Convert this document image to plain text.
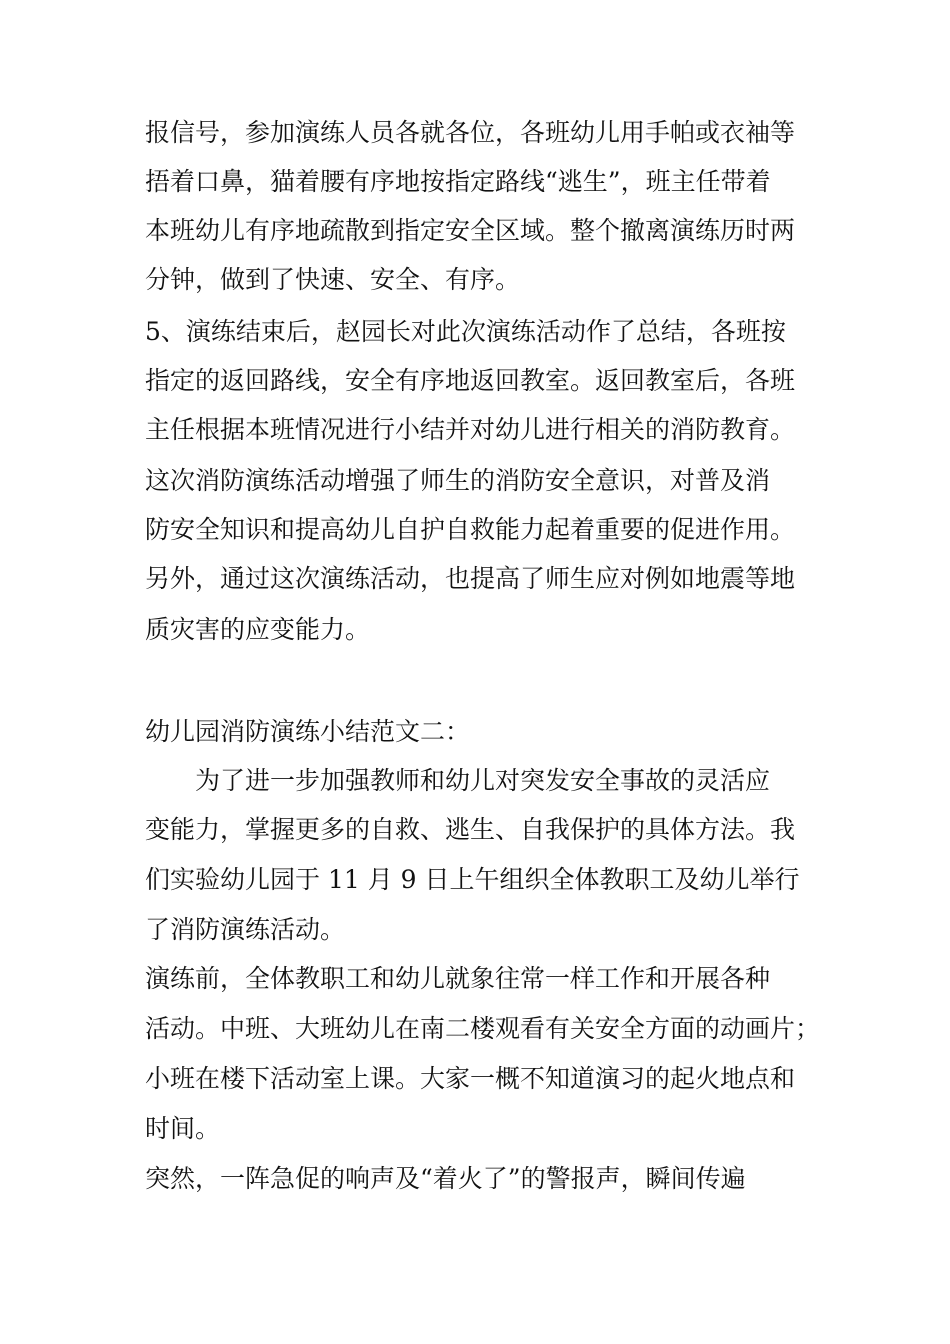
报信号，参加演练人员各就各位，各班幼儿用手帕或衣袖等
捂着口鼻，猫着腰有序地按指定路线“逃生”，班主任带着
本班幼儿有序地疏散到指定安全区域。整个撤离演练历时两
分钟，做到了快速、安全、有序。
5、演练结束后，赵园长对此次演练活动作了总结，各班按
指定的返回路线，安全有序地返回教室。返回教室后，各班
主任根据本班情况进行小结并对幼儿进行相关的消防教育。
这次消防演练活动增强了师生的消防安全意识，对普及消
防安全知识和提高幼儿自护自救能力起着重要的促进作用。
另外，通过这次演练活动，也提高了师生应对例如地震等地
质灾害的应变能力。
幼儿园消防演练小结范文二：
　　为了进一步加强教师和幼儿对突发安全事故的灵活应
变能力，掌握更多的自救、逃生、自我保护的具体方法。我
们实验幼儿园于 11 月 9 日上午组织全体教职工及幼儿举行
了消防演练活动。
演练前，全体教职工和幼儿就象往常一样工作和开展各种
活动。中班、大班幼儿在南二楼观看有关安全方面的动画片；
小班在楼下活动室上课。大家一概不知道演习的起火地点和
时间。
突然，一阵急促的响声及“着火了”的警报声，瞬间传遍
